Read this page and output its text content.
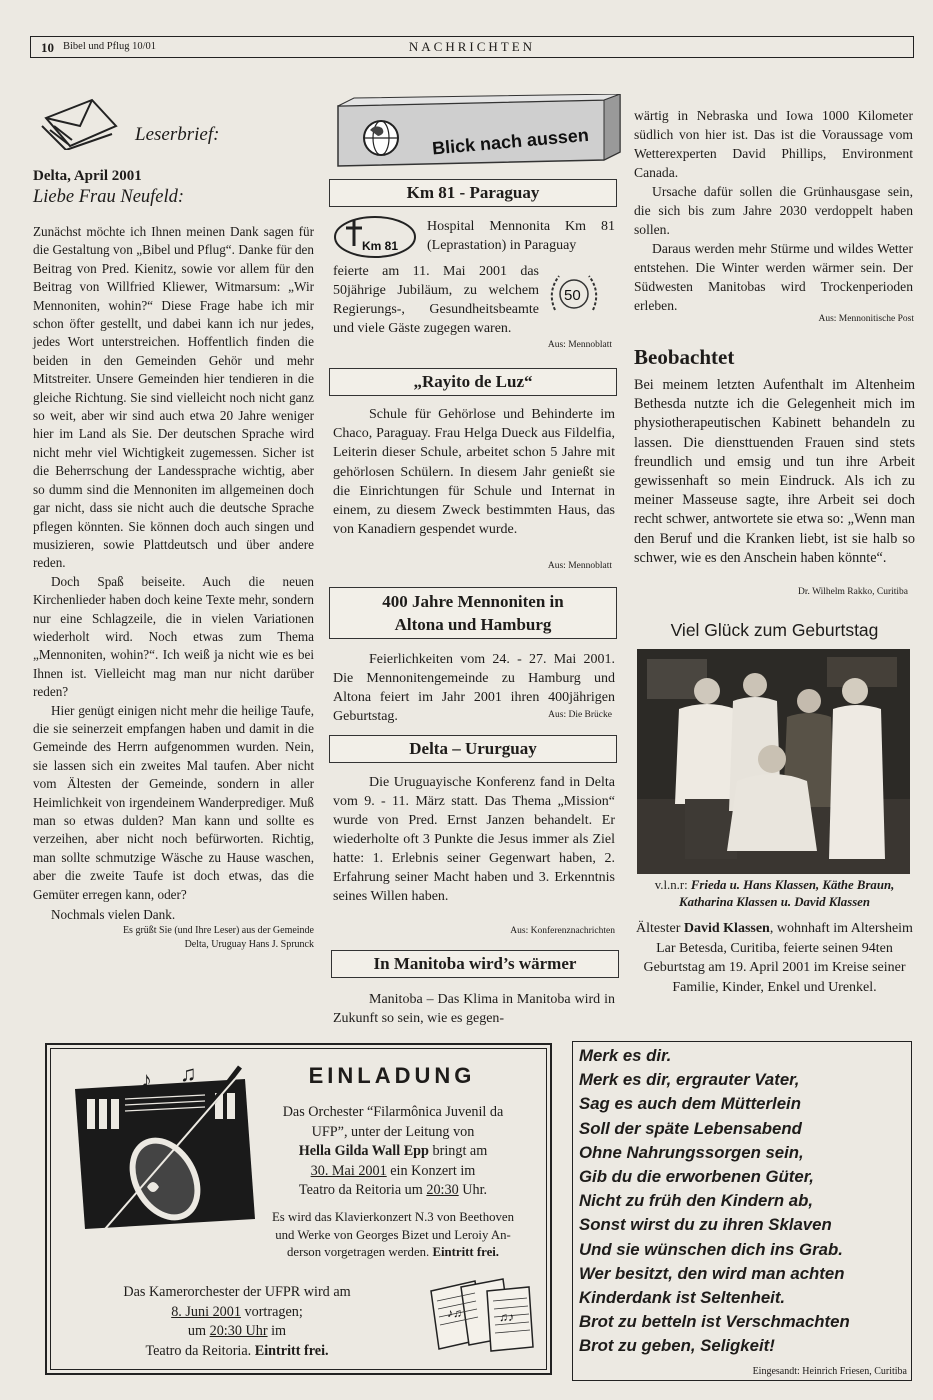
10 Bibel und Pflug 10/01	NACHRICHTEN
Leserbrief:
Delta, April 2001
Liebe Frau Neufeld:

Zunächst möchte ich Ihnen meinen Dank sagen für die Gestaltung von „Bibel und Pflug“. Danke für den Beitrag von Pred. Kienitz, sowie vor allem für den Beitrag von Willfried Kliewer, Witmarsum: „Wir Mennoniten, wohin?“ Diese Frage habe ich mir schon öfter gestellt, und dabei kann ich nur jedes, jedes Wort unterstreichen. Hoffentlich finden die beiden in den Gemeinden Gehör und mehr Mitstreiter. Unsere Gemeinden hier tendieren in die gleiche Richtung. Sie sind vielleicht noch nicht ganz so weit, aber wir sind auch etwa 20 Jahre weniger hier im Land als Sie. Der deutschen Sprache wird nicht mehr viel Wichtigkeit zugemessen. Sicher ist die Beherrschung der Landessprache wichtig, aber so dumm sind die Mennoniten im allgemeinen doch gar nicht, dass sie nicht auch die deutsche Sprache pflegen könnten. Sie können doch auch singen und musizieren, sowie Plattdeutsch und über andere reden.

Doch Spaß beiseite. Auch die neuen Kirchenlieder haben doch keine Texte mehr, sondern nur eine Schlagzeile, die in vielen Variationen wiederholt wird. Noch etwas zum Thema „Mennoniten, wohin?“. Ich weiß ja nicht wie es bei Ihnen ist. Vielleicht mag man nur nicht darüber reden?

Hier genügt einigen nicht mehr die heilige Taufe, die sie seinerzeit empfangen haben und damit in die Gemeinde des Herrn aufgenommen wurden. Nein, sie lassen sich ein zweites Mal taufen. Aber nicht vom Ältesten der Gemeinde, sondern in aller Heimlichkeit von irgendeinem Wanderprediger. Muß man so etwas dulden? Man kann und sollte es verzeihen, aber nicht noch befürworten. Richtig, man sollte schmutzige Wäsche zu Hause waschen, aber die zweite Taufe ist doch etwas, das die Gemüter erregen kann, oder?

Nochmals vielen Dank.

Es grüßt Sie (und Ihre Leser) aus der Gemeinde
Delta, Uruguay Hans J. Sprunck
Blick nach aussen
Km 81 - Paraguay
Km 81
Hospital Mennonita Km 81 (Leprastation) in Paraguay
50
feierte am 11. Mai 2001 das 50jährige Jubiläum, zu welchem Regierungs-, Gesundheitsbeamte und viele Gäste zugegen waren.
Aus: Mennoblatt
„Rayito de Luz“
Schule für Gehörlose und Behinderte im Chaco, Paraguay. Frau Helga Dueck aus Fildelfia, Leiterin dieser Schule, arbeitet schon 5 Jahre mit gehörlosen Schülern. In diesem Jahr genießt sie die Einrichtungen für Schule und Internat in einem, zu diesem Zweck bestimmten Haus, das von Kanadiern gespendet wurde.
Aus: Mennoblatt
400 Jahre Mennoniten in
Altona und Hamburg
Feierlichkeiten vom 24. - 27. Mai 2001. Die Mennonitengemeinde zu Hamburg und Altona feiert im Jahr 2001 ihren 400jährigen Geburtstag.	Aus: Die Brücke
Delta – Ururguay
Die Uruguayische Konferenz fand in Delta vom 9. - 11. März statt. Das Thema „Mission“ wurde von Pred. Ernst Janzen behandelt. Er wiederholte oft 3 Punkte die Jesus immer als Ziel hatte: 1. Erlebnis seiner Gegenwart haben, 2. Erfahrung seiner Macht haben und 3. Erkenntnis seines Willen haben.
Aus: Konferenznachrichten
In Manitoba wird’s wärmer
Manitoba – Das Klima in Manitoba wird in Zukunft so sein, wie es gegen-

wärtig in Nebraska und Iowa 1000 Kilometer südlich von hier ist. Das ist die Voraussage vom Wetterexperten David Phillips, Environment Canada.

Ursache dafür sollen die Grünhausgase sein, die sich bis zum Jahre 2030 verdoppelt haben sollen.

Daraus werden mehr Stürme und wildes Wetter entstehen. Die Winter werden wärmer sein. Der Südwesten Manitobas wird Trockenperioden erleben.

Aus: Mennonitische Post
Beobachtet
Bei meinem letzten Aufenthalt im Altenheim Bethesda nutzte ich die Gelegenheit mich im physiotherapeutischen Kabinett behandeln zu lassen. Die diensttuenden Frauen sind stets freundlich und emsig und tun ihre Arbeit gewissenhaft so mein Eindruck. Als ich zu meiner Masseuse sagte, ihre Arbeit sei doch recht schwer, antwortete sie etwa so: „Wenn man den Beruf und die Kranken liebt, ist sie halb so schwer, wie es den Anschein haben könnte“.
Dr. Wilhelm Rakko, Curitiba
Viel Glück zum Geburtstag
v.l.n.r: Frieda u. Hans Klassen, Käthe Braun, Katharina Klassen u. David Klassen
Ältester David Klassen, wohnhaft im Altersheim Lar Betesda, Curitiba, feierte seinen 94ten Geburtstag am 19. April 2001 im Kreise seiner Familie, Kinder, Enkel und Urenkel.
♪ ♫	EINLADUNG
Das Orchester “Filarmônica Juvenil da
UFP”, unter der Leitung von
Hella Gilda Wall Epp bringt am
30. Mai 2001 ein Konzert im
Teatro da Reitoria um 20:30 Uhr.
Es wird das Klavierkonzert N.3 von Beethoven
und Werke von Georges Bizet und Leroiy An-
derson vorgetragen werden. Eintritt frei.
Das Kamerorchester der UFPR wird am
8. Juni 2001 vortragen;
um 20:30 Uhr im
Teatro da Reitoria. Eintritt frei.
♪♫	♫♪
Merk es dir.
Merk es dir, ergrauter Vater,
Sag es auch dem Mütterlein
Soll der späte Lebensabend
Ohne Nahrungssorgen sein,
Gib du die erworbenen Güter,
Nicht zu früh den Kindern ab,
Sonst wirst du zu ihren Sklaven
Und sie wünschen dich ins Grab.
Wer besitzt, den wird man achten
Kinderdank ist Seltenheit.
Brot zu betteln ist Verschmachten
Brot zu geben, Seligkeit!
Eingesandt: Heinrich Friesen, Curitiba
